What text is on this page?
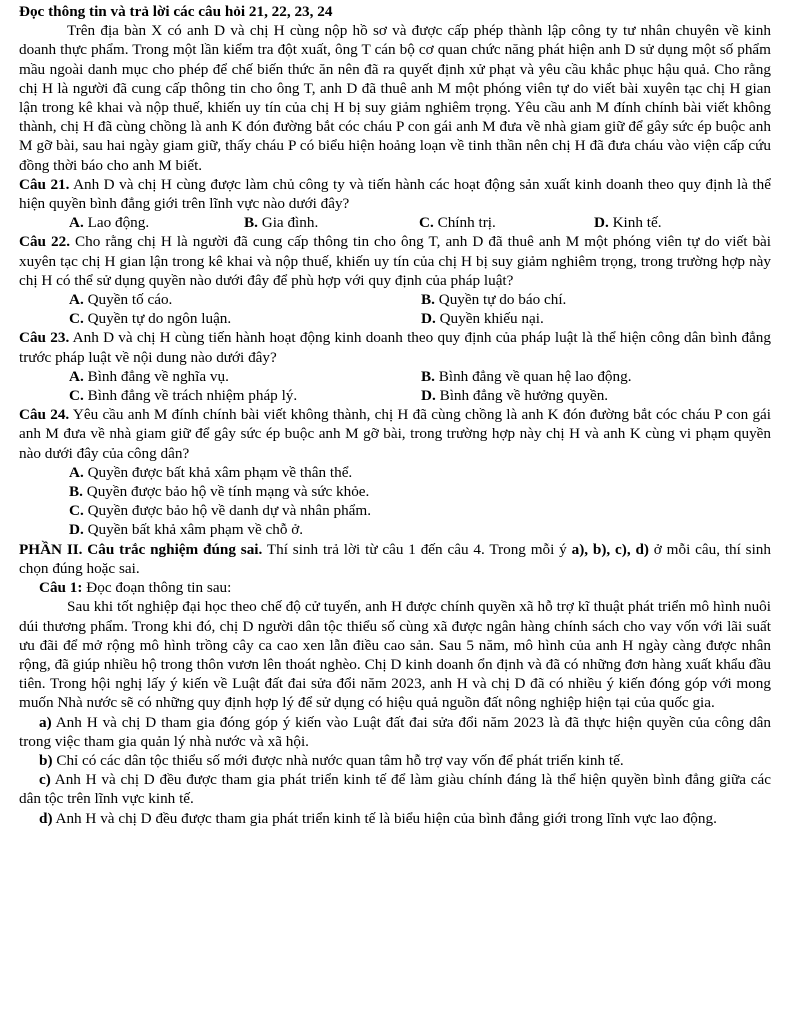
Đọc thông tin và trả lời các câu hỏi 21, 22, 23, 24

Trên địa bàn X có anh D và chị H cùng nộp hồ sơ và được cấp phép thành lập công ty tư nhân chuyên về kinh doanh thực phẩm. Trong một lần kiểm tra đột xuất, ông T cán bộ cơ quan chức năng phát hiện anh D sử dụng một số phẩm mầu ngoài danh mục cho phép để chế biến thức ăn nên đã ra quyết định xử phạt và yêu cầu khắc phục hậu quả. Cho rằng chị H là người đã cung cấp thông tin cho ông T, anh D đã thuê anh M một phóng viên tự do viết bài xuyên tạc chị H gian lận trong kê khai và nộp thuế, khiến uy tín của chị H bị suy giảm nghiêm trọng. Yêu cầu anh M đính chính bài viết không thành, chị H đã cùng chồng là anh K đón đường bắt cóc cháu P con gái anh M đưa về nhà giam giữ để gây sức ép buộc anh M gỡ bài, sau hai ngày giam giữ, thấy cháu P có biểu hiện hoảng loạn về tinh thần nên chị H đã đưa cháu vào viện cấp cứu đồng thời báo cho anh M biết.

Câu 21. Anh D và chị H cùng được làm chủ công ty và tiến hành các hoạt động sản xuất kinh doanh theo quy định là thể hiện quyền bình đẳng giới trên lĩnh vực nào dưới đây?

A. Lao động.	B. Gia đình.	C. Chính trị.	D. Kinh tế.

Câu 22. Cho rằng chị H là người đã cung cấp thông tin cho ông T, anh D đã thuê anh M một phóng viên tự do viết bài xuyên tạc chị H gian lận trong kê khai và nộp thuế, khiến uy tín của chị H bị suy giảm nghiêm trọng, trong trường hợp này chị H có thể sử dụng quyền nào dưới đây để phù hợp với quy định của pháp luật?

A. Quyền tố cáo.	B. Quyền tự do báo chí.
C. Quyền tự do ngôn luận.	D. Quyền khiếu nại.

Câu 23. Anh D và chị H cùng tiến hành hoạt động kinh doanh theo quy định của pháp luật là thể hiện công dân bình đẳng trước pháp luật về nội dung nào dưới đây?

A. Bình đẳng về nghĩa vụ.	B. Bình đẳng về quan hệ lao động.
C. Bình đẳng về trách nhiệm pháp lý.	D. Bình đẳng về hưởng quyền.

Câu 24. Yêu cầu anh M đính chính bài viết không thành, chị H đã cùng chồng là anh K đón đường bắt cóc cháu P con gái anh M đưa về nhà giam giữ để gây sức ép buộc anh M gỡ bài, trong trường hợp này chị H và anh K cùng vi phạm quyền nào dưới đây của công dân?

A. Quyền được bất khả xâm phạm về thân thể.
B. Quyền được bảo hộ về tính mạng và sức khỏe.
C. Quyền được bảo hộ về danh dự và nhân phẩm.
D. Quyền bất khả xâm phạm về chỗ ở.

PHẦN II. Câu trắc nghiệm đúng sai. Thí sinh trả lời từ câu 1 đến câu 4. Trong mỗi ý a), b), c), d) ở mỗi câu, thí sinh chọn đúng hoặc sai.

Câu 1: Đọc đoạn thông tin sau:

Sau khi tốt nghiệp đại học theo chế độ cử tuyển, anh H được chính quyền xã hỗ trợ kĩ thuật phát triển mô hình nuôi dúi thương phẩm. Trong khi đó, chị D người dân tộc thiểu số cùng xã được ngân hàng chính sách cho vay vốn với lãi suất ưu đãi để mở rộng mô hình trồng cây ca cao xen lẫn điều cao sản. Sau 5 năm, mô hình của anh H ngày càng được nhân rộng, đã giúp nhiều hộ trong thôn vươn lên thoát nghèo. Chị D kinh doanh ổn định và đã có những đơn hàng xuất khẩu đầu tiên. Trong hội nghị lấy ý kiến về Luật đất đai sửa đổi năm 2023, anh H và chị D đã có nhiều ý kiến đóng góp với mong muốn Nhà nước sẽ có những quy định hợp lý để sử dụng có hiệu quả nguồn đất nông nghiệp hiện tại của quốc gia.

a) Anh H và chị D tham gia đóng góp ý kiến vào Luật đất đai sửa đổi năm 2023 là đã thực hiện quyền của công dân trong việc tham gia quản lý nhà nước và xã hội.

b) Chỉ có các dân tộc thiểu số mới được nhà nước quan tâm hỗ trợ vay vốn để phát triển kinh tế.

c) Anh H và chị D đều được tham gia phát triển kinh tế để làm giàu chính đáng là thể hiện quyền bình đẳng giữa các dân tộc trên lĩnh vực kinh tế.

d) Anh H và chị D đều được tham gia phát triển kinh tế là biểu hiện của bình đẳng giới trong lĩnh vực lao động.
